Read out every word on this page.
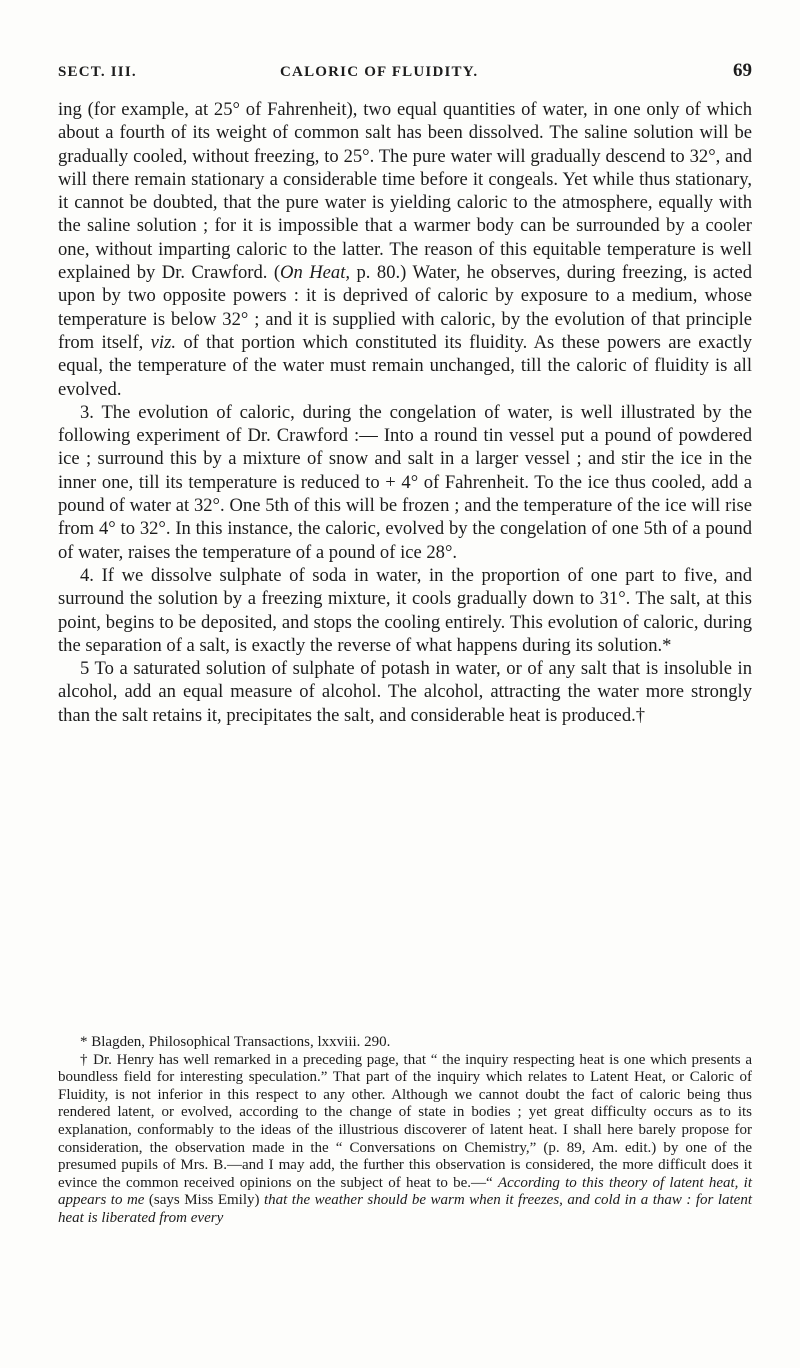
SECT. III.	CALORIC OF FLUIDITY.	69

ing (for example, at 25° of Fahrenheit), two equal quantities of water, in one only of which about a fourth of its weight of common salt has been dissolved. The saline solution will be gradually cooled, without freezing, to 25°. The pure water will gradually descend to 32°, and will there remain stationary a considerable time before it congeals. Yet while thus stationary, it cannot be doubted, that the pure water is yielding caloric to the atmosphere, equally with the saline solution ; for it is impossible that a warmer body can be surrounded by a cooler one, without imparting caloric to the latter. The reason of this equitable temperature is well explained by Dr. Crawford. (On Heat, p. 80.) Water, he observes, during freezing, is acted upon by two opposite powers : it is deprived of caloric by exposure to a medium, whose temperature is below 32° ; and it is supplied with caloric, by the evolution of that principle from itself, viz. of that portion which constituted its fluidity. As these powers are exactly equal, the temperature of the water must remain unchanged, till the caloric of fluidity is all evolved.

3. The evolution of caloric, during the congelation of water, is well illustrated by the following experiment of Dr. Crawford :— Into a round tin vessel put a pound of powdered ice ; surround this by a mixture of snow and salt in a larger vessel ; and stir the ice in the inner one, till its temperature is reduced to + 4° of Fahrenheit. To the ice thus cooled, add a pound of water at 32°. One 5th of this will be frozen ; and the temperature of the ice will rise from 4° to 32°. In this instance, the caloric, evolved by the congelation of one 5th of a pound of water, raises the temperature of a pound of ice 28°.

4. If we dissolve sulphate of soda in water, in the proportion of one part to five, and surround the solution by a freezing mixture, it cools gradually down to 31°. The salt, at this point, begins to be deposited, and stops the cooling entirely. This evolution of caloric, during the separation of a salt, is exactly the reverse of what happens during its solution.*

5 To a saturated solution of sulphate of potash in water, or of any salt that is insoluble in alcohol, add an equal measure of alcohol. The alcohol, attracting the water more strongly than the salt retains it, precipitates the salt, and considerable heat is produced.†

* Blagden, Philosophical Transactions, lxxviii. 290.

† Dr. Henry has well remarked in a preceding page, that “ the inquiry respecting heat is one which presents a boundless field for interesting speculation.” That part of the inquiry which relates to Latent Heat, or Caloric of Fluidity, is not inferior in this respect to any other. Although we cannot doubt the fact of caloric being thus rendered latent, or evolved, according to the change of state in bodies ; yet great difficulty occurs as to its explanation, conformably to the ideas of the illustrious discoverer of latent heat. I shall here barely propose for consideration, the observation made in the “ Conversations on Chemistry,” (p. 89, Am. edit.) by one of the presumed pupils of Mrs. B.—and I may add, the further this observation is considered, the more difficult does it evince the common received opinions on the subject of heat to be.—“ According to this theory of latent heat, it appears to me (says Miss Emily) that the weather should be warm when it freezes, and cold in a thaw : for latent heat is liberated from every
